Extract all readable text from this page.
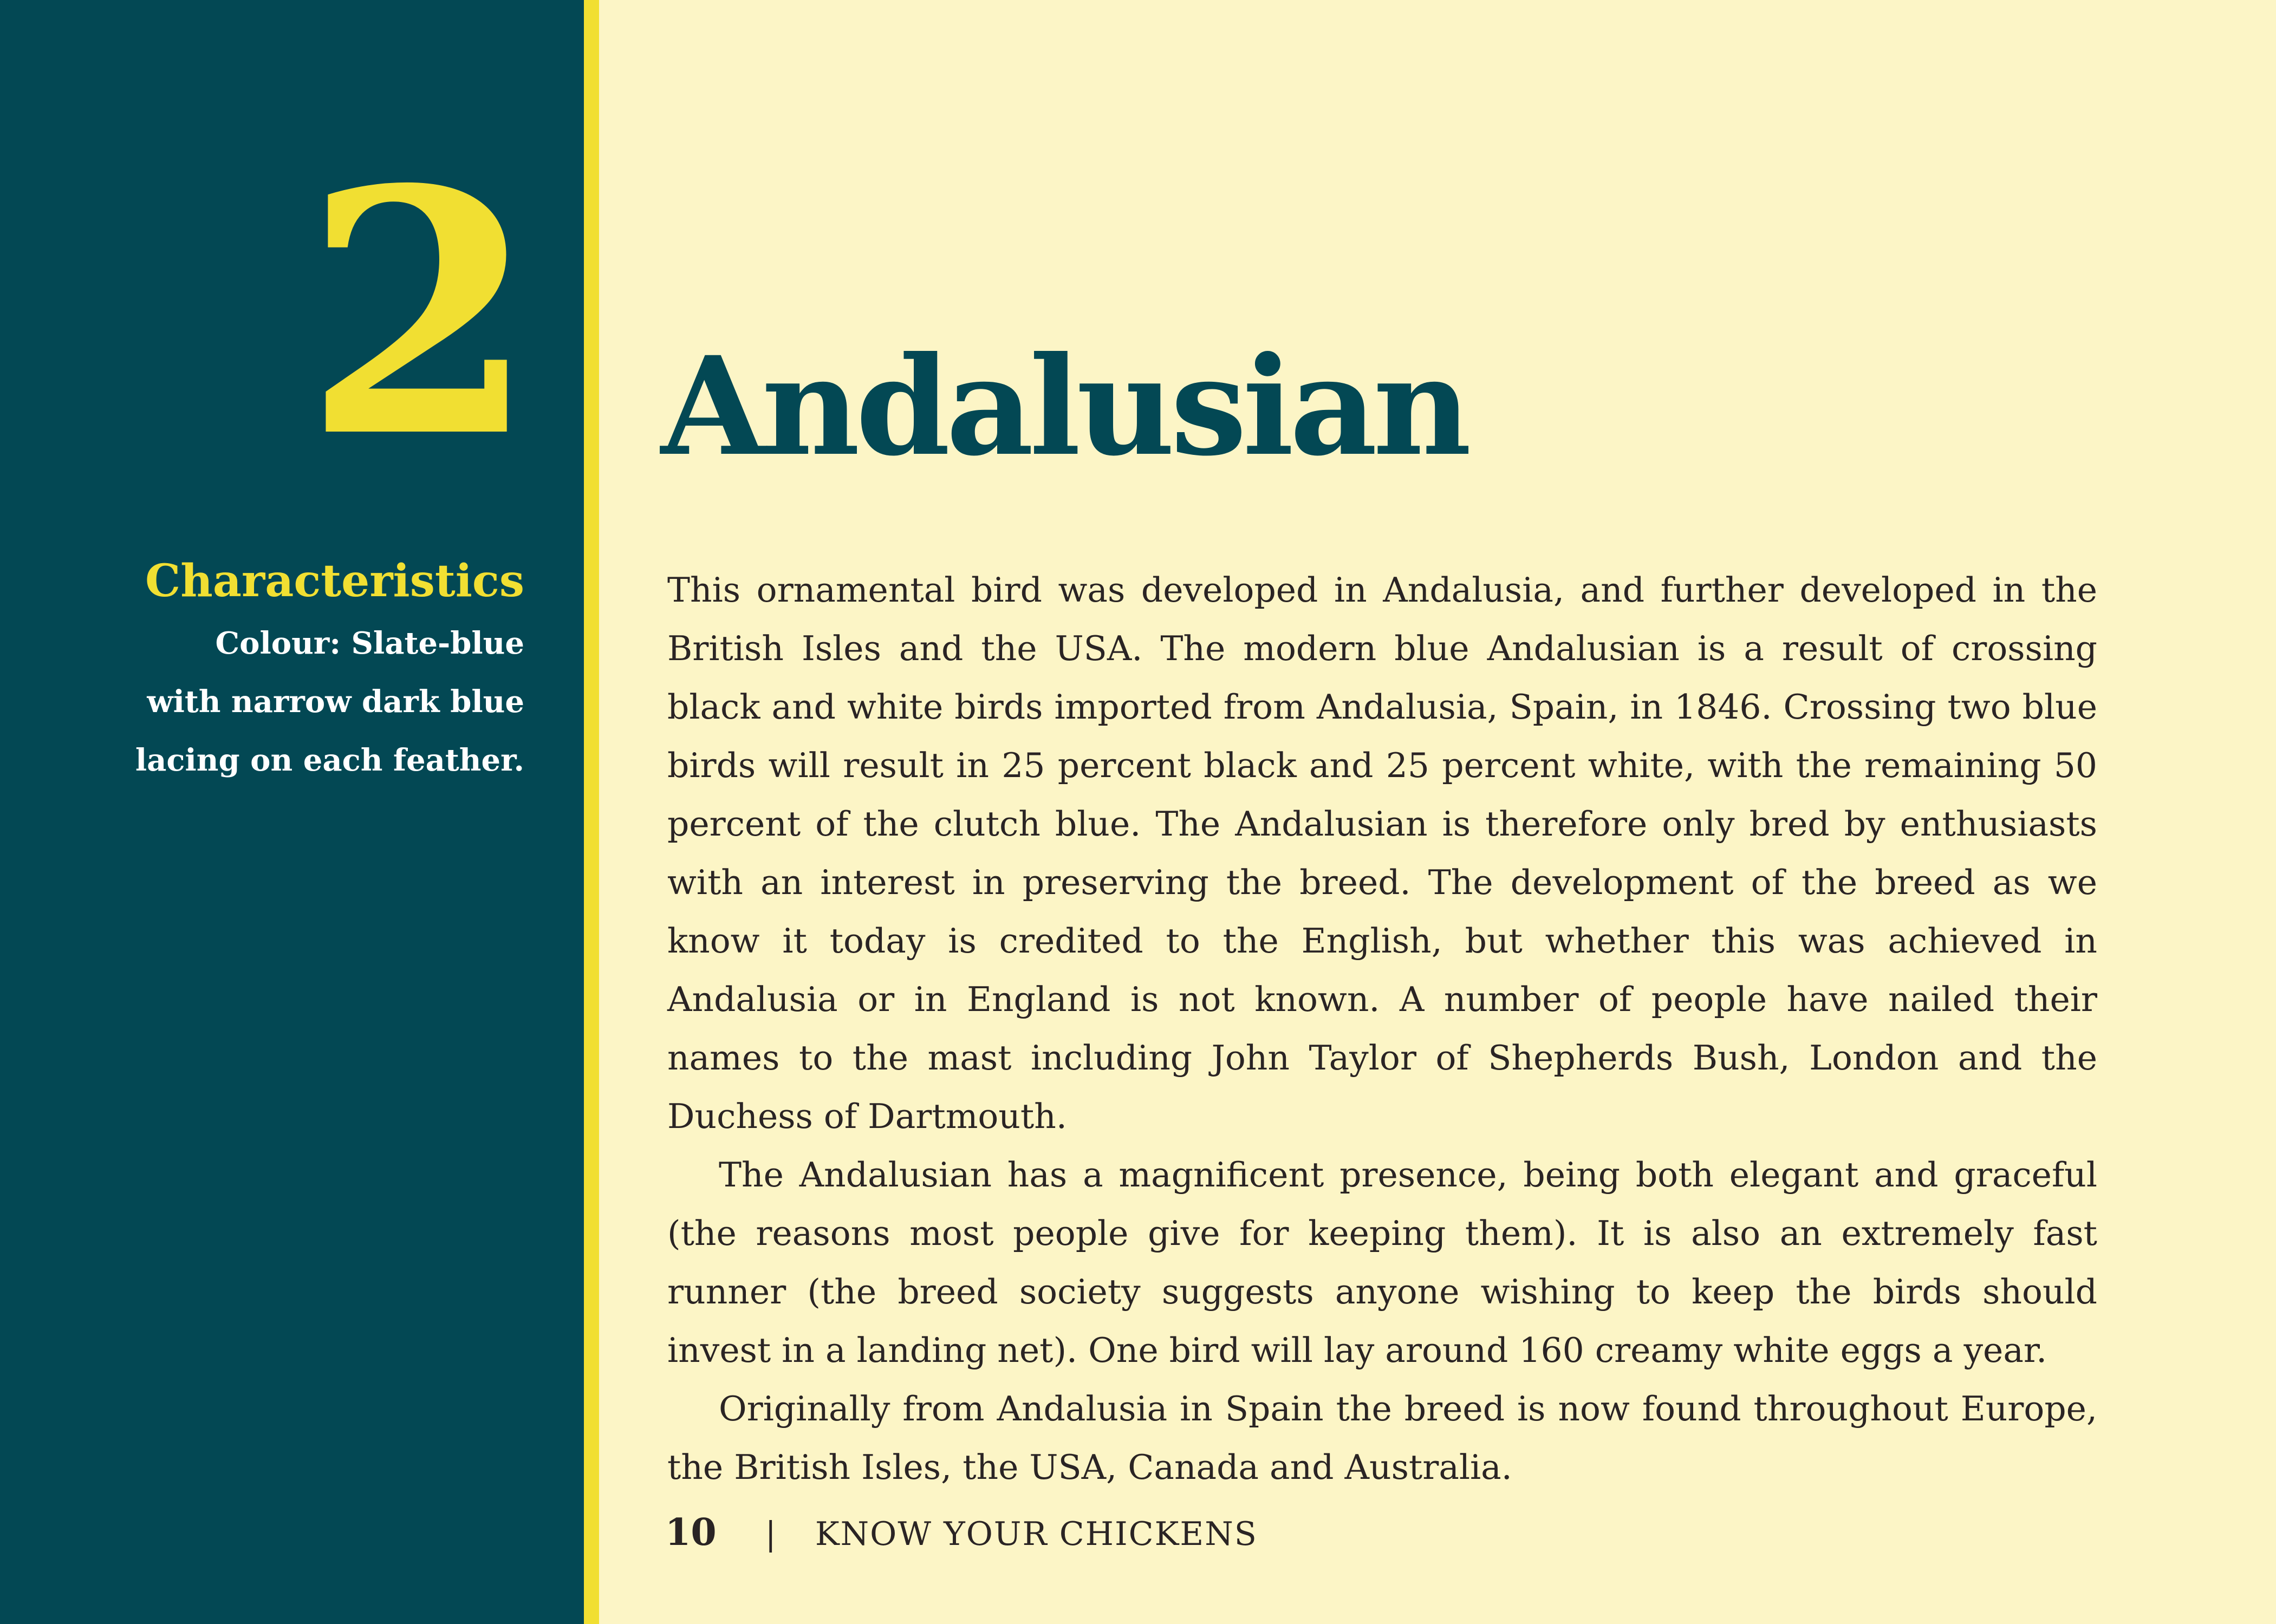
2
Characteristics
Colour: Slate-blue
with narrow dark blue
lacing on each feather.
Andalusian

This ornamental bird was developed in Andalusia, and further developed in the British Isles and the USA. The modern blue Andalusian is a result of crossing black and white birds imported from Andalusia, Spain, in 1846. Crossing two blue birds will result in 25 percent black and 25 percent white, with the remaining 50 percent of the clutch blue. The Andalusian is therefore only bred by enthusiasts with an interest in preserving the breed. The development of the breed as we know it today is credited to the English, but whether this was achieved in Andalusia or in England is not known. A number of people have nailed their names to the mast including John Taylor of Shepherds Bush, London and the Duchess of Dartmouth.

The Andalusian has a magnificent presence, being both elegant and graceful (the reasons most people give for keeping them). It is also an extremely fast runner (the breed society suggests anyone wishing to keep the birds should invest in a landing net). One bird will lay around 160 creamy white eggs a year.

Originally from Andalusia in Spain the breed is now found throughout Europe, the British Isles, the USA, Canada and Australia.

10 | KNOW YOUR CHICKENS
